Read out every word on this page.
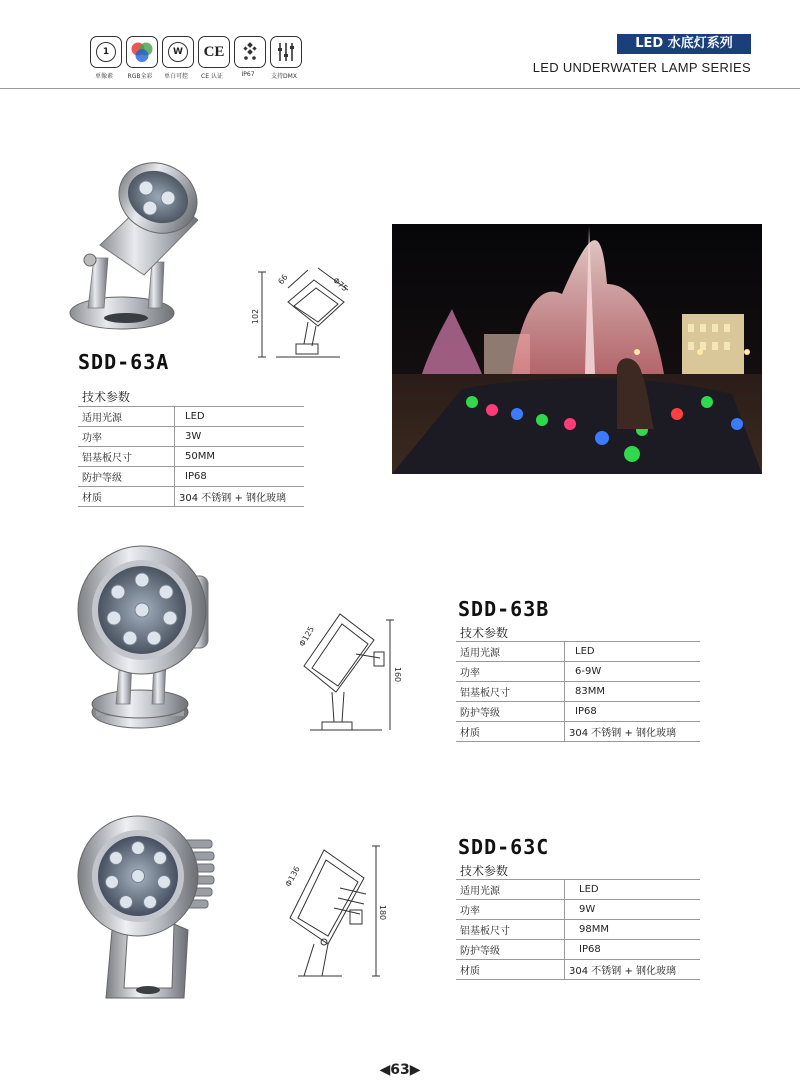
1	W	CE
单像素	RGB全彩	单白可控	CE 认证	IP67	支持DMX
LED 水底灯系列
LED UNDERWATER LAMP SERIES
SDD-63A
技术参数
适用光源	LED
功率	3W
铝基板尺寸	50MM
防护等级	IP68
材质	304 不锈钢 + 钢化玻璃
66	Φ75
102
Φ125
160
SDD-63B
技术参数
适用光源	LED
功率	6-9W
铝基板尺寸	83MM
防护等级	IP68
材质	304 不锈钢 + 钢化玻璃
Φ136
180
SDD-63C
技术参数
适用光源	LED
功率	9W
铝基板尺寸	98MM
防护等级	IP68
材质	304 不锈钢 + 钢化玻璃
◀63▶
